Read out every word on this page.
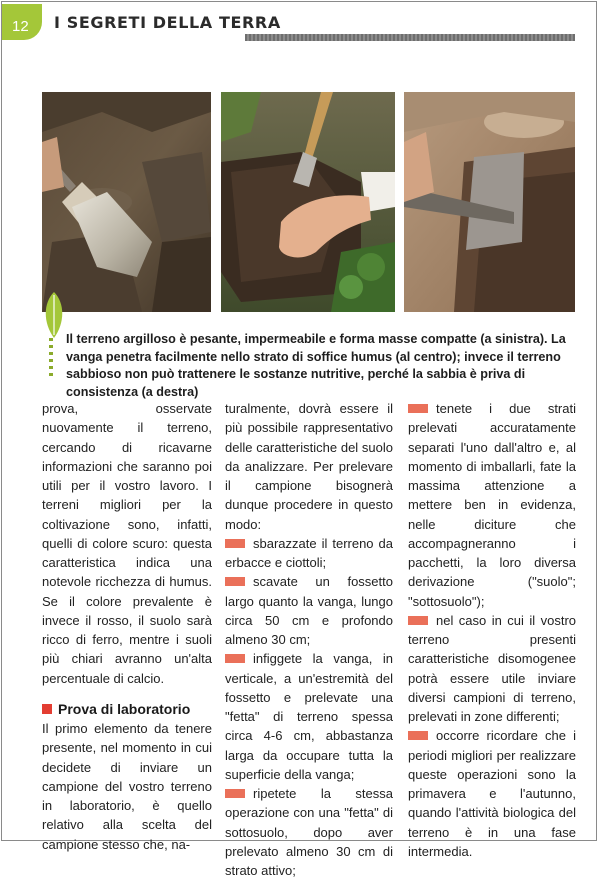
12 I SEGRETI DELLA TERRA
Il terreno argilloso è pesante, impermeabile e forma masse compatte (a sinistra). La vanga penetra facilmente nello strato di soffice humus (al centro); invece il terreno sabbioso non può trattenere le sostanze nutritive, perché la sabbia è priva di consistenza (a destra)

prova, osservate nuovamente il terreno, cercando di ricavarne informazioni che saranno poi utili per il vostro lavoro. I terreni migliori per la coltivazione sono, infatti, quelli di colore scuro: questa caratteristica indica una notevole ricchezza di humus. Se il colore prevalente è invece il rosso, il suolo sarà ricco di ferro, mentre i suoli più chiari avranno un'alta percentuale di calcio.

Prova di laboratorio

Il primo elemento da tenere presente, nel momento in cui decidete di inviare un campione del vostro terreno in laboratorio, è quello relativo alla scelta del campione stesso che, na-

turalmente, dovrà essere il più possibile rappresentativo delle caratteristiche del suolo da analizzare. Per prelevare il campione bisognerà dunque procedere in questo modo:

sbarazzate il terreno da erbacce e ciottoli;

scavate un fossetto largo quanto la vanga, lungo circa 50 cm e profondo almeno 30 cm;

infiggete la vanga, in verticale, a un'estremità del fossetto e prelevate una "fetta" di terreno spessa circa 4-6 cm, abbastanza larga da occupare tutta la superficie della vanga;

ripetete la stessa operazione con una "fetta" di sottosuolo, dopo aver prelevato almeno 30 cm di strato attivo;

tenete i due strati prelevati accuratamente separati l'uno dall'altro e, al momento di imballarli, fate la massima attenzione a mettere ben in evidenza, nelle diciture che accompagneranno i pacchetti, la loro diversa derivazione ("suolo"; "sottosuolo");

nel caso in cui il vostro terreno presenti caratteristiche disomogenee potrà essere utile inviare diversi campioni di terreno, prelevati in zone differenti;

occorre ricordare che i periodi migliori per realizzare queste operazioni sono la primavera e l'autunno, quando l'attività biologica del terreno è in una fase intermedia.
